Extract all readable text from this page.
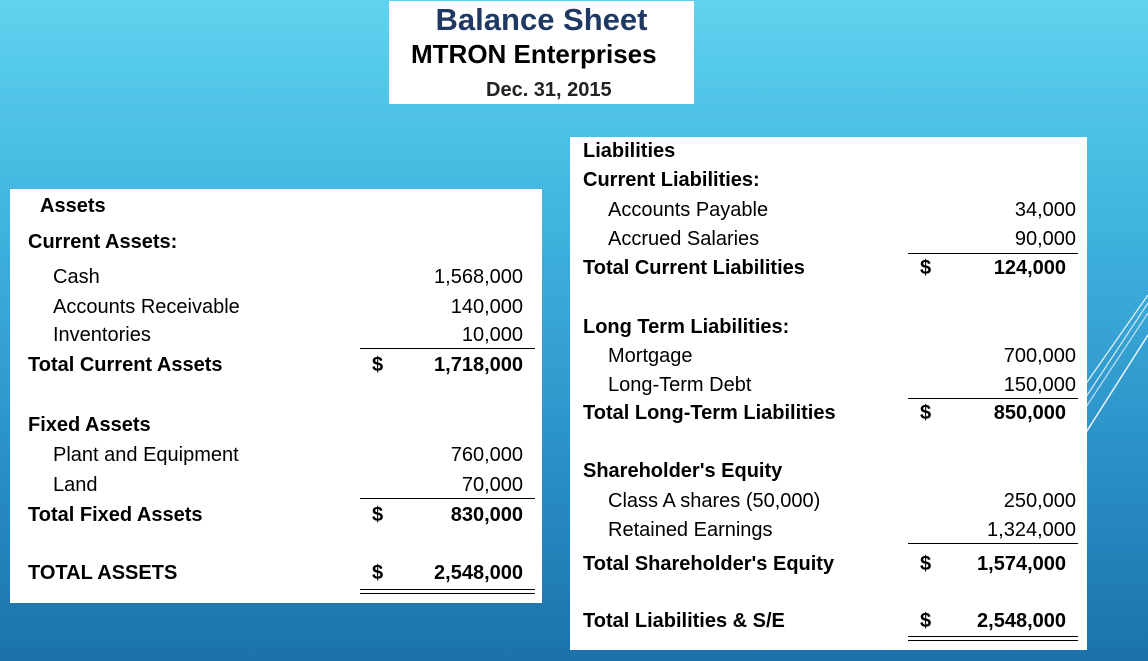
Balance Sheet
MTRON Enterprises
Dec. 31, 2015
Assets
Current Assets:
Cash	1,568,000
Accounts Receivable	140,000
Inventories	10,000
Total Current Assets	$	1,718,000
Fixed Assets
Plant and Equipment	760,000
Land	70,000
Total Fixed Assets	$	830,000
TOTAL ASSETS	$	2,548,000
Liabilities
Current Liabilities:
Accounts Payable	34,000
Accrued Salaries	90,000
Total Current Liabilities	$	124,000
Long Term Liabilities:
Mortgage	700,000
Long-Term Debt	150,000
Total Long-Term Liabilities	$	850,000
Shareholder's Equity
Class A shares (50,000)	250,000
Retained Earnings	1,324,000
Total Shareholder's Equity	$ 1,574,000
Total Liabilities & S/E	$ 2,548,000
